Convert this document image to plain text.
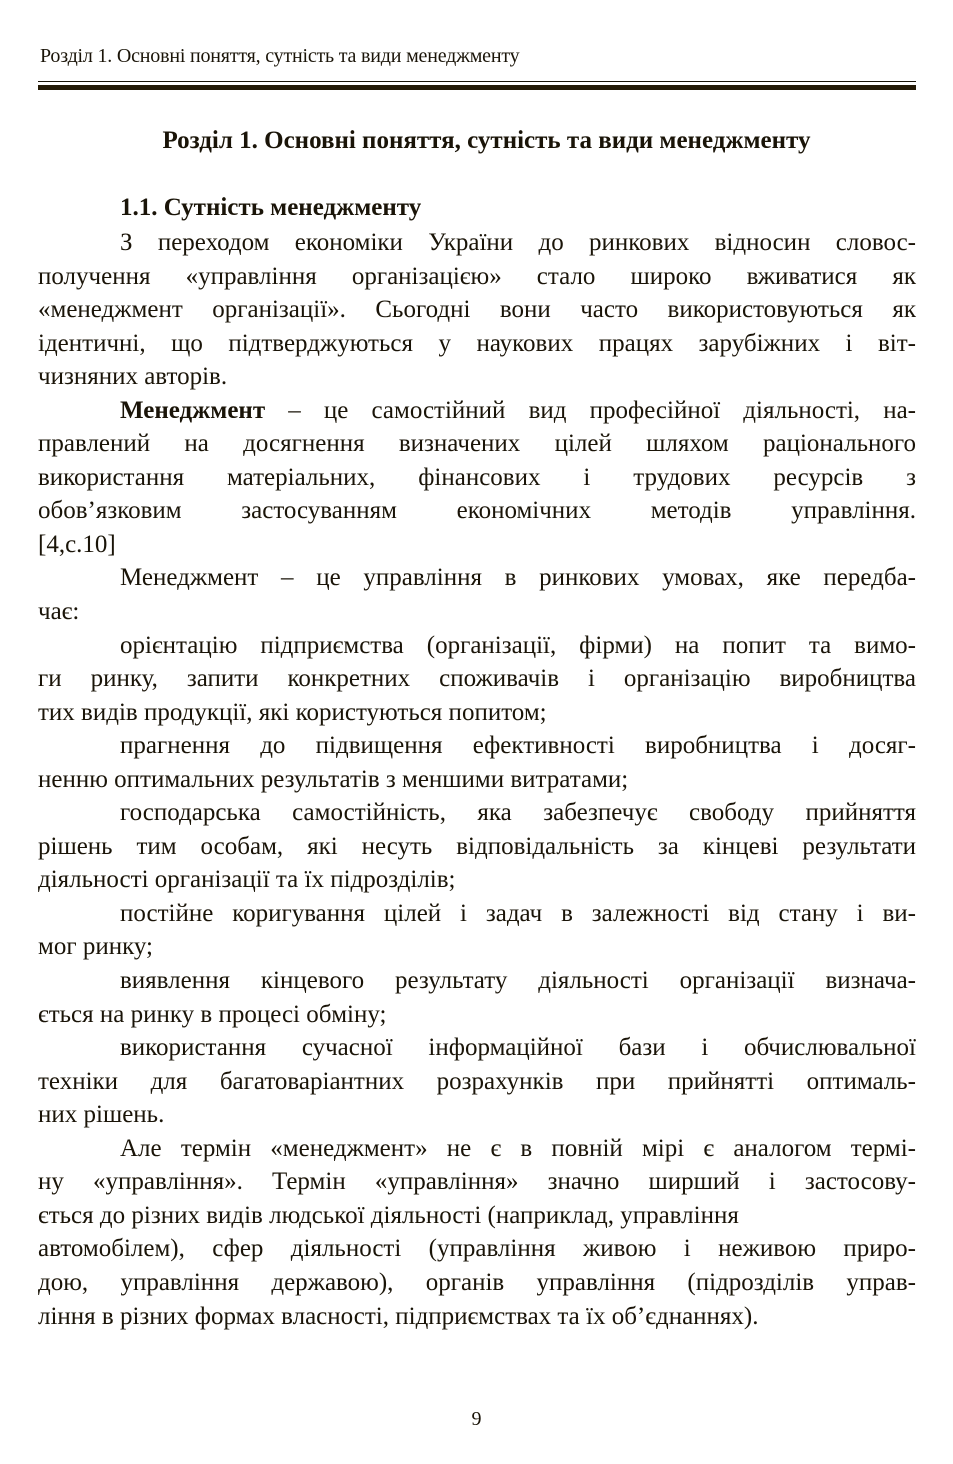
Розділ 1. Основні поняття, сутність та види менеджменту
Розділ 1. Основні поняття, сутність та види менеджменту
1.1. Сутність менеджменту
З переходом економіки України до ринкових відносин словос-
получення «управління організацією» стало широко вживатися як
«менеджмент організації». Сьогодні вони часто використовуються як
ідентичні, що підтверджуються у наукових працях зарубіжних і віт-
чизняних авторів.
Менеджмент – це самостійний вид професійної діяльності, на-
правлений на досягнення визначених цілей шляхом раціонального
використання матеріальних, фінансових і трудових ресурсів з
обов’язковим застосуванням економічних методів управління.
[4,с.10]
Менеджмент – це управління в ринкових умовах, яке передба-
чає:
орієнтацію підприємства (організації, фірми) на попит та вимо-
ги ринку, запити конкретних споживачів і організацію виробництва
тих видів продукції, які користуються попитом;
прагнення до підвищення ефективності виробництва і досяг-
ненню оптимальних результатів з меншими витратами;
господарська самостійність, яка забезпечує свободу прийняття
рішень тим особам, які несуть відповідальність за кінцеві результати
діяльності організації та їх підрозділів;
постійне коригування цілей і задач в залежності від стану і ви-
мог ринку;
виявлення кінцевого результату діяльності організації визнача-
ється на ринку в процесі обміну;
використання сучасної інформаційної бази і обчислювальної
техніки для багатоваріантних розрахунків при прийнятті оптималь-
них рішень.
Але термін «менеджмент» не є в повній мірі є аналогом термі-
ну «управління». Термін «управління» значно ширший і застосову-
ється до різних видів людської діяльності (наприклад, управління
автомобілем), сфер діяльності (управління живою і неживою приро-
дою, управління державою), органів управління (підрозділів управ-
ління в різних формах власності, підприємствах та їх об’єднаннях).
9
